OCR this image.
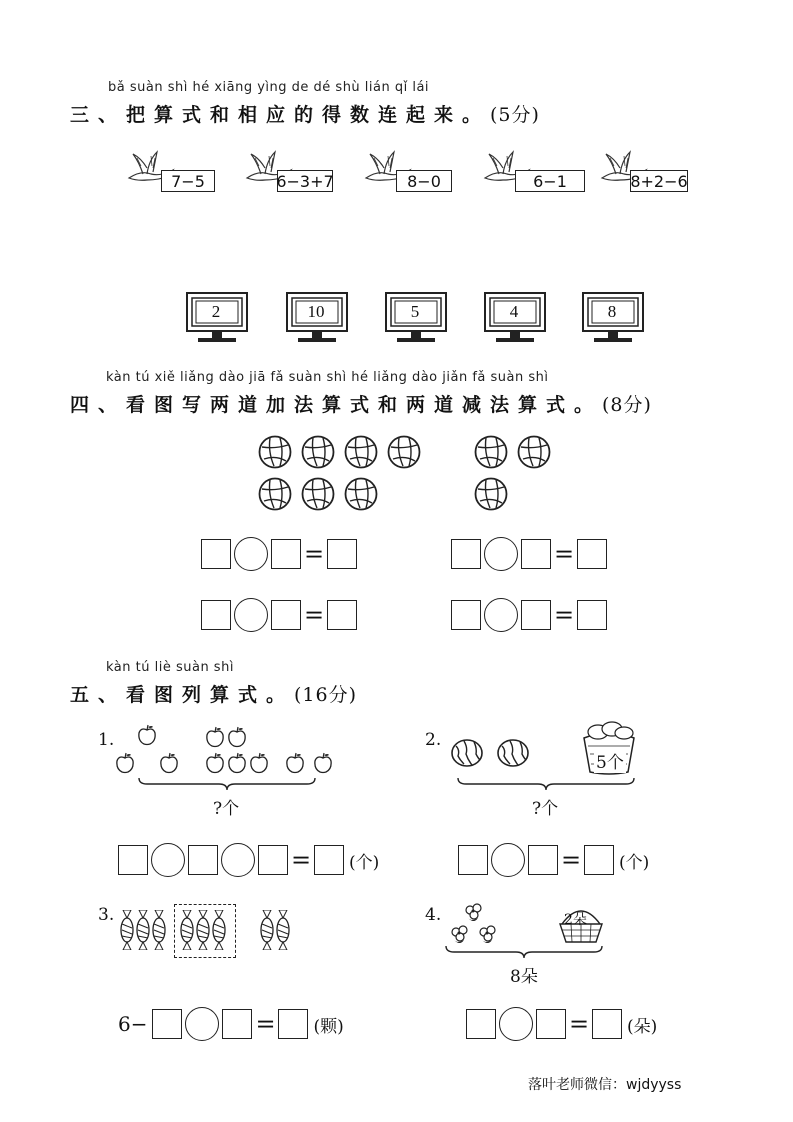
bǎ suàn shì hé xiāng yìng de dé shù lián qǐ lái
三、把算式和相应的得数连起来。(5分)
7−5	6−3+7	8−0	6−1	8+2−6
2	10	5	4	8
kàn tú xiě liǎng dào jiā fǎ suàn shì hé liǎng dào jiǎn fǎ suàn shì
四、看图写两道加法算式和两道减法算式。(8分)
=	=
=	=
kàn tú liè suàn shì
五、看图列算式。(16分)
1.
?个
= (个)
2.
5个
?个
= (个)
3.
6−	= (颗)
4.	2朵
8朵
= (朵)
落叶老师微信：wjdyyss
